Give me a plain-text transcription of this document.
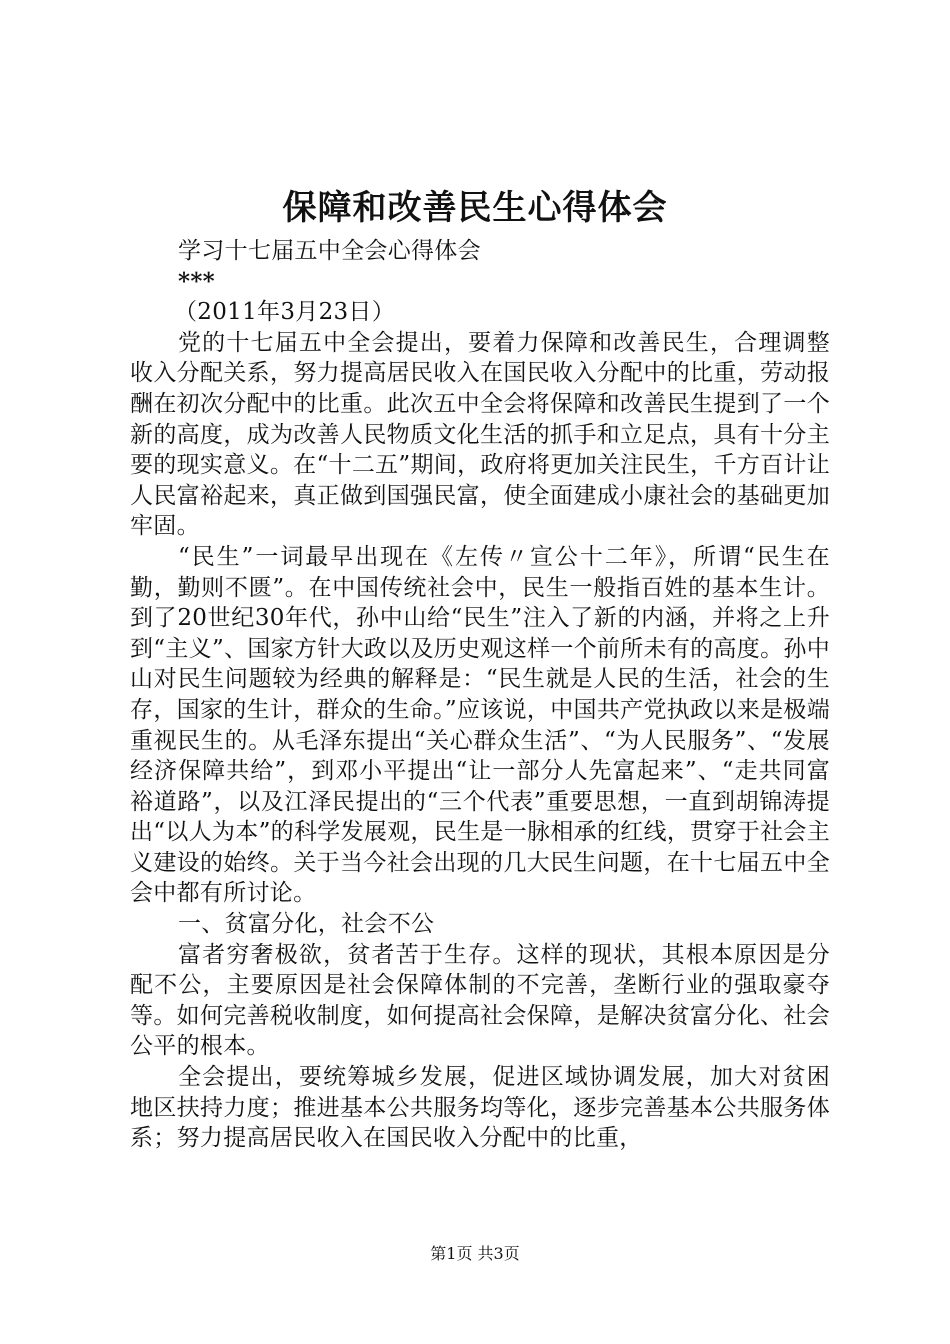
保障和改善民生心得体会

学习十七届五中全会心得体会

***

（2011年3月23日）

党的十七届五中全会提出，要着力保障和改善民生，合理调整收入分配关系，努力提高居民收入在国民收入分配中的比重，劳动报酬在初次分配中的比重。此次五中全会将保障和改善民生提到了一个新的高度，成为改善人民物质文化生活的抓手和立足点，具有十分主要的现实意义。在“十二五”期间，政府将更加关注民生，千方百计让人民富裕起来，真正做到国强民富，使全面建成小康社会的基础更加牢固。

“民生”一词最早出现在《左传〃宣公十二年》，所谓“民生在勤，勤则不匮”。在中国传统社会中，民生一般指百姓的基本生计。到了20世纪30年代，孙中山给“民生”注入了新的内涵，并将之上升到“主义”、国家方针大政以及历史观这样一个前所未有的高度。孙中山对民生问题较为经典的解释是：“民生就是人民的生活，社会的生存，国家的生计，群众的生命。”应该说，中国共产党执政以来是极端重视民生的。从毛泽东提出“关心群众生活”、“为人民服务”、“发展经济保障共给”，到邓小平提出“让一部分人先富起来”、“走共同富裕道路”，以及江泽民提出的“三个代表”重要思想，一直到胡锦涛提出“以人为本”的科学发展观，民生是一脉相承的红线，贯穿于社会主义建设的始终。关于当今社会出现的几大民生问题，在十七届五中全会中都有所讨论。

一、贫富分化，社会不公

富者穷奢极欲，贫者苦于生存。这样的现状，其根本原因是分配不公，主要原因是社会保障体制的不完善，垄断行业的强取豪夺等。如何完善税收制度，如何提高社会保障，是解决贫富分化、社会公平的根本。

全会提出，要统筹城乡发展，促进区域协调发展，加大对贫困地区扶持力度；推进基本公共服务均等化，逐步完善基本公共服务体系；努力提高居民收入在国民收入分配中的比重，

第1页 共3页
